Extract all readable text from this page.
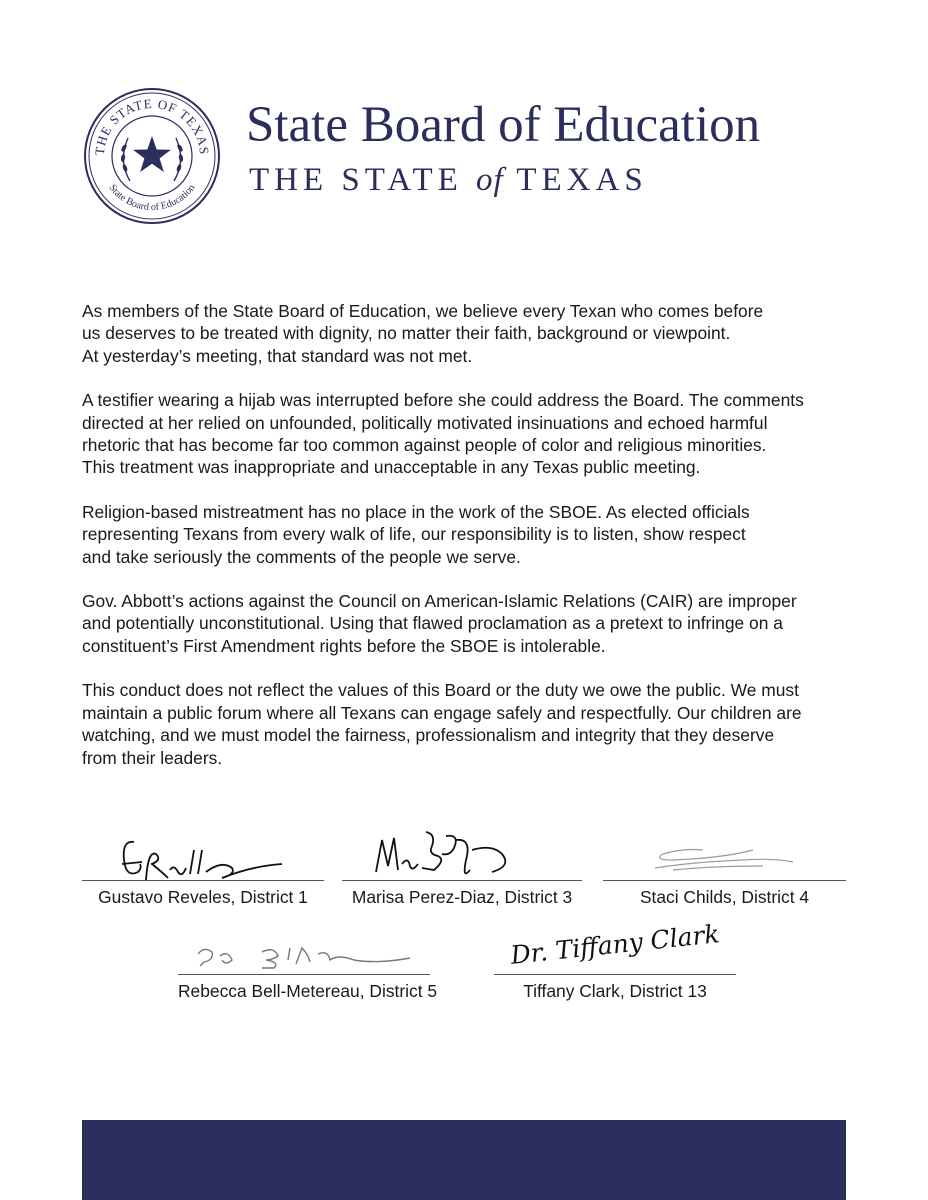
THE STATE OF TEXAS
State Board of Education
State Board of Education
THE STATE of TEXAS

As members of the State Board of Education, we believe every Texan who comes before
us deserves to be treated with dignity, no matter their faith, background or viewpoint.
At yesterday’s meeting, that standard was not met.

A testifier wearing a hijab was interrupted before she could address the Board. The comments
directed at her relied on unfounded, politically motivated insinuations and echoed harmful
rhetoric that has become far too common against people of color and religious minorities.
This treatment was inappropriate and unacceptable in any Texas public meeting.

Religion-based mistreatment has no place in the work of the SBOE. As elected officials
representing Texans from every walk of life, our responsibility is to listen, show respect
and take seriously the comments of the people we serve.

Gov. Abbott’s actions against the Council on American-Islamic Relations (CAIR) are improper
and potentially unconstitutional. Using that flawed proclamation as a pretext to infringe on a
constituent’s First Amendment rights before the SBOE is intolerable.

This conduct does not reflect the values of this Board or the duty we owe the public. We must
maintain a public forum where all Texans can engage safely and respectfully. Our children are
watching, and we must model the fairness, professionalism and integrity that they deserve
from their leaders.

Gustavo Reveles, District 1	Marisa Perez-Diaz, District 3	Staci Childs, District 4
Rebecca Bell-Metereau, District 5
Dr. Tiffany Clark
Tiffany Clark, District 13
